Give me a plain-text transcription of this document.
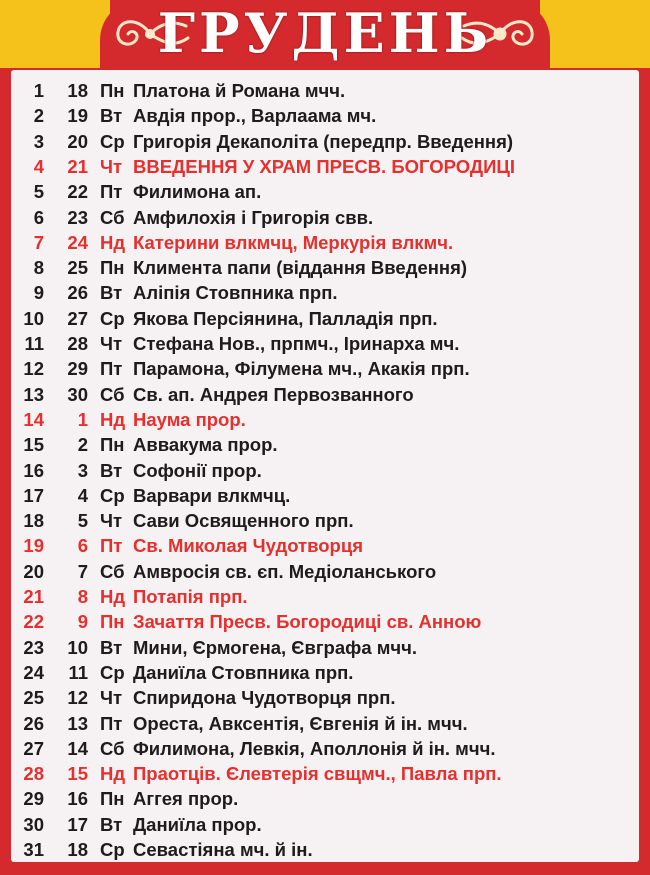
ГРУДЕНЬ
1	18 Пн Платона й Романа мчч.
2	19 Вт Авдія прор., Варлаама мч.
3	20 Ср Григорія Декаполіта (передпр. Введення)
4	21 Чт ВВЕДЕННЯ У ХРАМ ПРЕСВ. БОГОРОДИЦІ
5	22 Пт Филимона ап.
6	23 Сб Амфилохія і Григорія свв.
7	24 Нд Катерини влкмчц, Меркурія влкмч.
8	25 Пн Климента папи (віддання Введення)
9	26 Вт Аліпія Стовпника прп.
10	27 Ср Якова Персіянина, Палладія прп.
11	28 Чт Стефана Нов., прпмч., Іринарха мч.
12	29 Пт Парамона, Філумена мч., Акакія прп.
13	30 Сб Св. ап. Андрея Первозванного
14	1 Нд Наума прор.
15	2 Пн Аввакума прор.
16	3 Вт Софонії прор.
17	4 Ср Варвари влкмчц.
18	5 Чт Сави Освященного прп.
19	6 Пт Св. Миколая Чудотворця
20	7 Сб Амвросія св. єп. Медіоланського
21	8 Нд Потапія прп.
22	9 Пн Зачаття Пресв. Богородиці св. Анною
23	10 Вт Мини, Єрмогена, Євграфа мчч.
24	11 Ср Даниїла Стовпника прп.
25	12 Чт Спиридона Чудотворця прп.
26	13 Пт Ореста, Авксентія, Євгенія й ін. мчч.
27	14 Сб Филимона, Левкія, Аполлонія й ін. мчч.
28	15 Нд Праотців. Єлевтерія свщмч., Павла прп.
29	16 Пн Аггея прор.
30	17 Вт Даниїла прор.
31	18 Ср Севастіяна мч. й ін.
